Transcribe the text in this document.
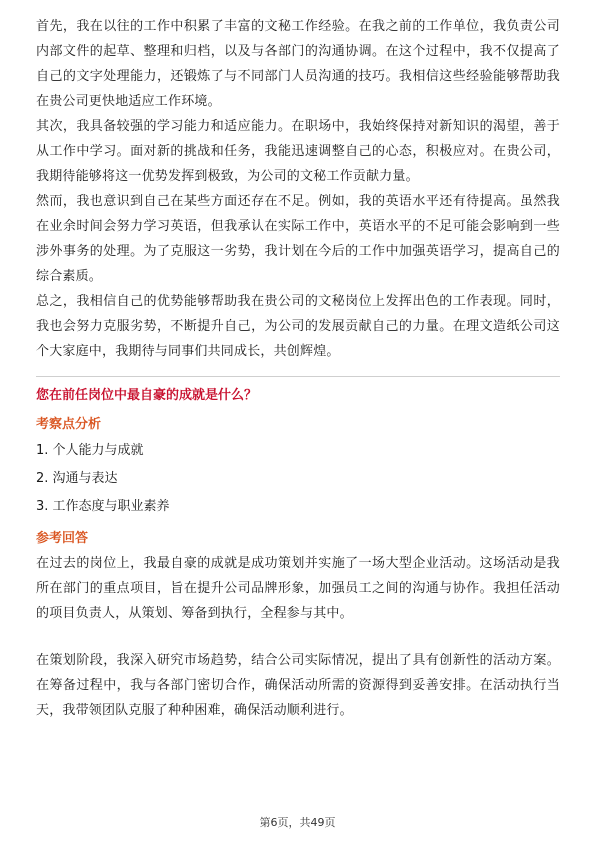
首先，我在以往的工作中积累了丰富的文秘工作经验。在我之前的工作单位，我负责公司内部文件的起草、整理和归档，以及与各部门的沟通协调。在这个过程中，我不仅提高了自己的文字处理能力，还锻炼了与不同部门人员沟通的技巧。我相信这些经验能够帮助我在贵公司更快地适应工作环境。

其次，我具备较强的学习能力和适应能力。在职场中，我始终保持对新知识的渴望，善于从工作中学习。面对新的挑战和任务，我能迅速调整自己的心态，积极应对。在贵公司，我期待能够将这一优势发挥到极致，为公司的文秘工作贡献力量。

然而，我也意识到自己在某些方面还存在不足。例如，我的英语水平还有待提高。虽然我在业余时间会努力学习英语，但我承认在实际工作中，英语水平的不足可能会影响到一些涉外事务的处理。为了克服这一劣势，我计划在今后的工作中加强英语学习，提高自己的综合素质。

总之，我相信自己的优势能够帮助我在贵公司的文秘岗位上发挥出色的工作表现。同时，我也会努力克服劣势，不断提升自己，为公司的发展贡献自己的力量。在理文造纸公司这个大家庭中，我期待与同事们共同成长，共创辉煌。

您在前任岗位中最自豪的成就是什么？

考察点分析

1. 个人能力与成就

2. 沟通与表达

3. 工作态度与职业素养

参考回答

在过去的岗位上，我最自豪的成就是成功策划并实施了一场大型企业活动。这场活动是我所在部门的重点项目，旨在提升公司品牌形象，加强员工之间的沟通与协作。我担任活动的项目负责人，从策划、筹备到执行，全程参与其中。

在策划阶段，我深入研究市场趋势，结合公司实际情况，提出了具有创新性的活动方案。在筹备过程中，我与各部门密切合作，确保活动所需的资源得到妥善安排。在活动执行当天，我带领团队克服了种种困难，确保活动顺利进行。

第6页，共49页
